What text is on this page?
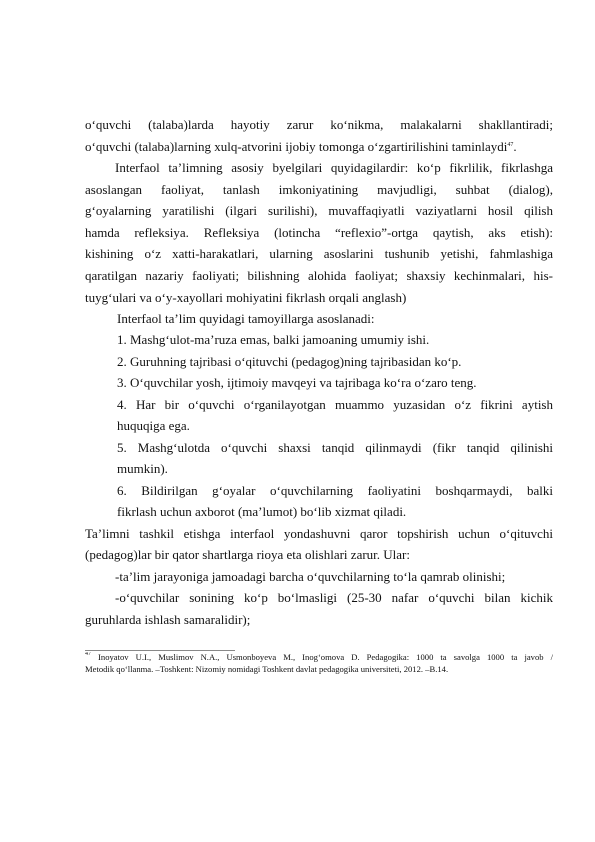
o‘quvchi (talaba)larda hayotiy zarur ko‘nikma, malakalarni shakllantiradi;
o‘quvchi (talaba)larning xulq-atvorini ijobiy tomonga o‘zgartirilishini taminlaydi$^{47}$.
Interfaol ta’limning asosiy byelgilari quyidagilardir: ko‘p fikrlilik, fikrlashga
asoslangan faoliyat, tanlash imkoniyatining mavjudligi, suhbat (dialog),
g‘oyalarning yaratilishi (ilgari surilishi), muvaffaqiyatli vaziyatlarni hosil qilish
hamda refleksiya. Refleksiya (lotincha “reflexio”-ortga qaytish, aks etish):
kishining o‘z xatti-harakatlari, ularning asoslarini tushunib yetishi, fahmlashiga
qaratilgan nazariy faoliyati; bilishning alohida faoliyat; shaxsiy kechinmalari, his-
tuyg‘ulari va o‘y-xayollari mohiyatini fikrlash orqali anglash)
Interfaol ta’lim quyidagi tamoyillarga asoslanadi:
1. Mashg‘ulot-ma’ruza emas, balki jamoaning umumiy ishi.
2. Guruhning tajribasi o‘qituvchi (pedagog)ning tajribasidan ko‘p.
3. O‘quvchilar yosh, ijtimoiy mavqeyi va tajribaga ko‘ra o‘zaro teng.
4. Har bir o‘quvchi o‘rganilayotgan muammo yuzasidan o‘z fikrini aytish
huquqiga ega.
5. Mashg‘ulotda o‘quvchi shaxsi tanqid qilinmaydi (fikr tanqid qilinishi
mumkin).
6. Bildirilgan g‘oyalar o‘quvchilarning faoliyatini boshqarmaydi, balki
fikrlash uchun axborot (ma’lumot) bo‘lib xizmat qiladi.
Ta’limni tashkil etishga interfaol yondashuvni qaror topshirish uchun o‘qituvchi
(pedagog)lar bir qator shartlarga rioya eta olishlari zarur. Ular:
-ta’lim jarayoniga jamoadagi barcha o‘quvchilarning to‘la qamrab olinishi;
-o‘quvchilar sonining ko‘p bo‘lmasligi (25-30 nafar o‘quvchi bilan kichik
guruhlarda ishlash samaralidir);
$^{47}$ Inoyatov U.I., Muslimov N.A., Usmonboyeva M., Inog‘omova D. Pedagogika: 1000 ta savolga 1000 ta javob /
Metodik qo‘llanma. –Toshkent: Nizomiy nomidagi Toshkent davlat pedagogika universiteti, 2012. –B.14.
